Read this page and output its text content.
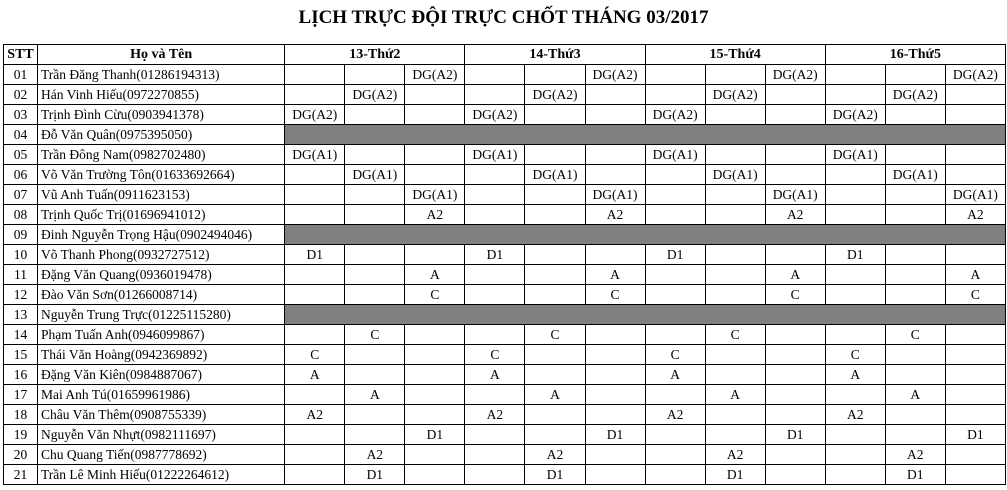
LỊCH TRỰC ĐỘI TRỰC CHỐT THÁNG 03/2017
STT	Họ và Tên	13-Thứ2			14-Thứ3			15-Thứ4			16-Thứ5		
01	Trần Đăng Thanh(01286194313)			DG(A2)			DG(A2)			DG(A2)			DG(A2)
02	Hán Vinh Hiếu(0972270855)		DG(A2)			DG(A2)			DG(A2)			DG(A2)	
03	Trịnh Đình Cừu(0903941378)	DG(A2)			DG(A2)			DG(A2)			DG(A2)		
04	Đỗ Văn Quân(0975395050)												
05	Trần Đông Nam(0982702480)	DG(A1)			DG(A1)			DG(A1)			DG(A1)		
06	Võ Văn Trường Tôn(01633692664)		DG(A1)			DG(A1)			DG(A1)			DG(A1)	
07	Vũ Anh Tuấn(0911623153)			DG(A1)			DG(A1)			DG(A1)			DG(A1)
08	Trịnh Quốc Trị(01696941012)			A2			A2			A2			A2
09	Đinh Nguyễn Trọng Hậu(0902494046)												
10	Võ Thanh Phong(0932727512)	D1			D1			D1			D1		
11	Đặng Văn Quang(0936019478)			A			A			A			A
12	Đào Văn Sơn(01266008714)			C			C			C			C
13	Nguyễn Trung Trực(01225115280)												
14	Phạm Tuấn Anh(0946099867)		C			C			C			C	
15	Thái Văn Hoàng(0942369892)	C			C			C			C		
16	Đặng Văn Kiên(0984887067)	A			A			A			A		
17	Mai Anh Tú(01659961986)		A			A			A			A	
18	Châu Văn Thêm(0908755339)	A2			A2			A2			A2		
19	Nguyễn Văn Nhựt(0982111697)			D1			D1			D1			D1
20	Chu Quang Tiến(0987778692)		A2			A2			A2			A2	
21	Trần Lê Minh Hiếu(01222264612)		D1			D1			D1			D1	
